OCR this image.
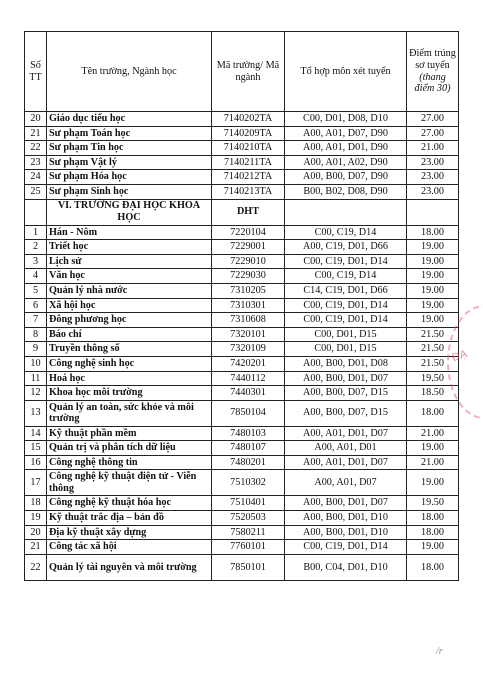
Số TT	Tên trường, Ngành học	Mã trường/ Mã ngành	Tổ hợp môn xét tuyển	Điểm trúng sơ tuyển
(thang điểm 30)
20	Giáo dục tiểu học	7140202TA	C00, D01, D08, D10	27.00
21	Sư phạm Toán học	7140209TA	A00, A01, D07, D90	27.00
22	Sư phạm Tin học	7140210TA	A00, A01, D01, D90	21.00
23	Sư phạm Vật lý	7140211TA	A00, A01, A02, D90	23.00
24	Sư phạm Hóa học	7140212TA	A00, B00, D07, D90	23.00
25	Sư phạm Sinh học	7140213TA	B00, B02, D08, D90	23.00
	VI. TRƯỜNG ĐẠI HỌC KHOA HỌC	DHT		
1	Hán - Nôm	7220104	C00, C19, D14	18.00
2	Triết học	7229001	A00, C19, D01, D66	19.00
3	Lịch sử	7229010	C00, C19, D01, D14	19.00
4	Văn học	7229030	C00, C19, D14	19.00
5	Quản lý nhà nước	7310205	C14, C19, D01, D66	19.00
6	Xã hội học	7310301	C00, C19, D01, D14	19.00
7	Đông phương học	7310608	C00, C19, D01, D14	19.00
8	Báo chí	7320101	C00, D01, D15	21.50
9	Truyền thông số	7320109	C00, D01, D15	21.50
10	Công nghệ sinh học	7420201	A00, B00, D01, D08	21.50
11	Hoá học	7440112	A00, B00, D01, D07	19.50
12	Khoa học môi trường	7440301	A00, B00, D07, D15	18.50
13	Quản lý an toàn, sức khỏe và môi trường	7850104	A00, B00, D07, D15	18.00
14	Kỹ thuật phần mềm	7480103	A00, A01, D01, D07	21.00
15	Quản trị và phân tích dữ liệu	7480107	A00, A01, D01	19.00
16	Công nghệ thông tin	7480201	A00, A01, D01, D07	21.00
17	Công nghệ kỹ thuật điện tử - Viễn thông	7510302	A00, A01, D07	19.00
18	Công nghệ kỹ thuật hóa học	7510401	A00, B00, D01, D07	19.50
19	Kỹ thuật trắc địa – bản đồ	7520503	A00, B00, D01, D10	18.00
20	Địa kỹ thuật xây dựng	7580211	A00, B00, D01, D10	18.00
21	Công tác xã hội	7760101	C00, C19, D01, D14	19.00
22	Quản lý tài nguyên và môi trường	7850101	B00, C04, D01, D10	18.00
ĐẠ
/r
